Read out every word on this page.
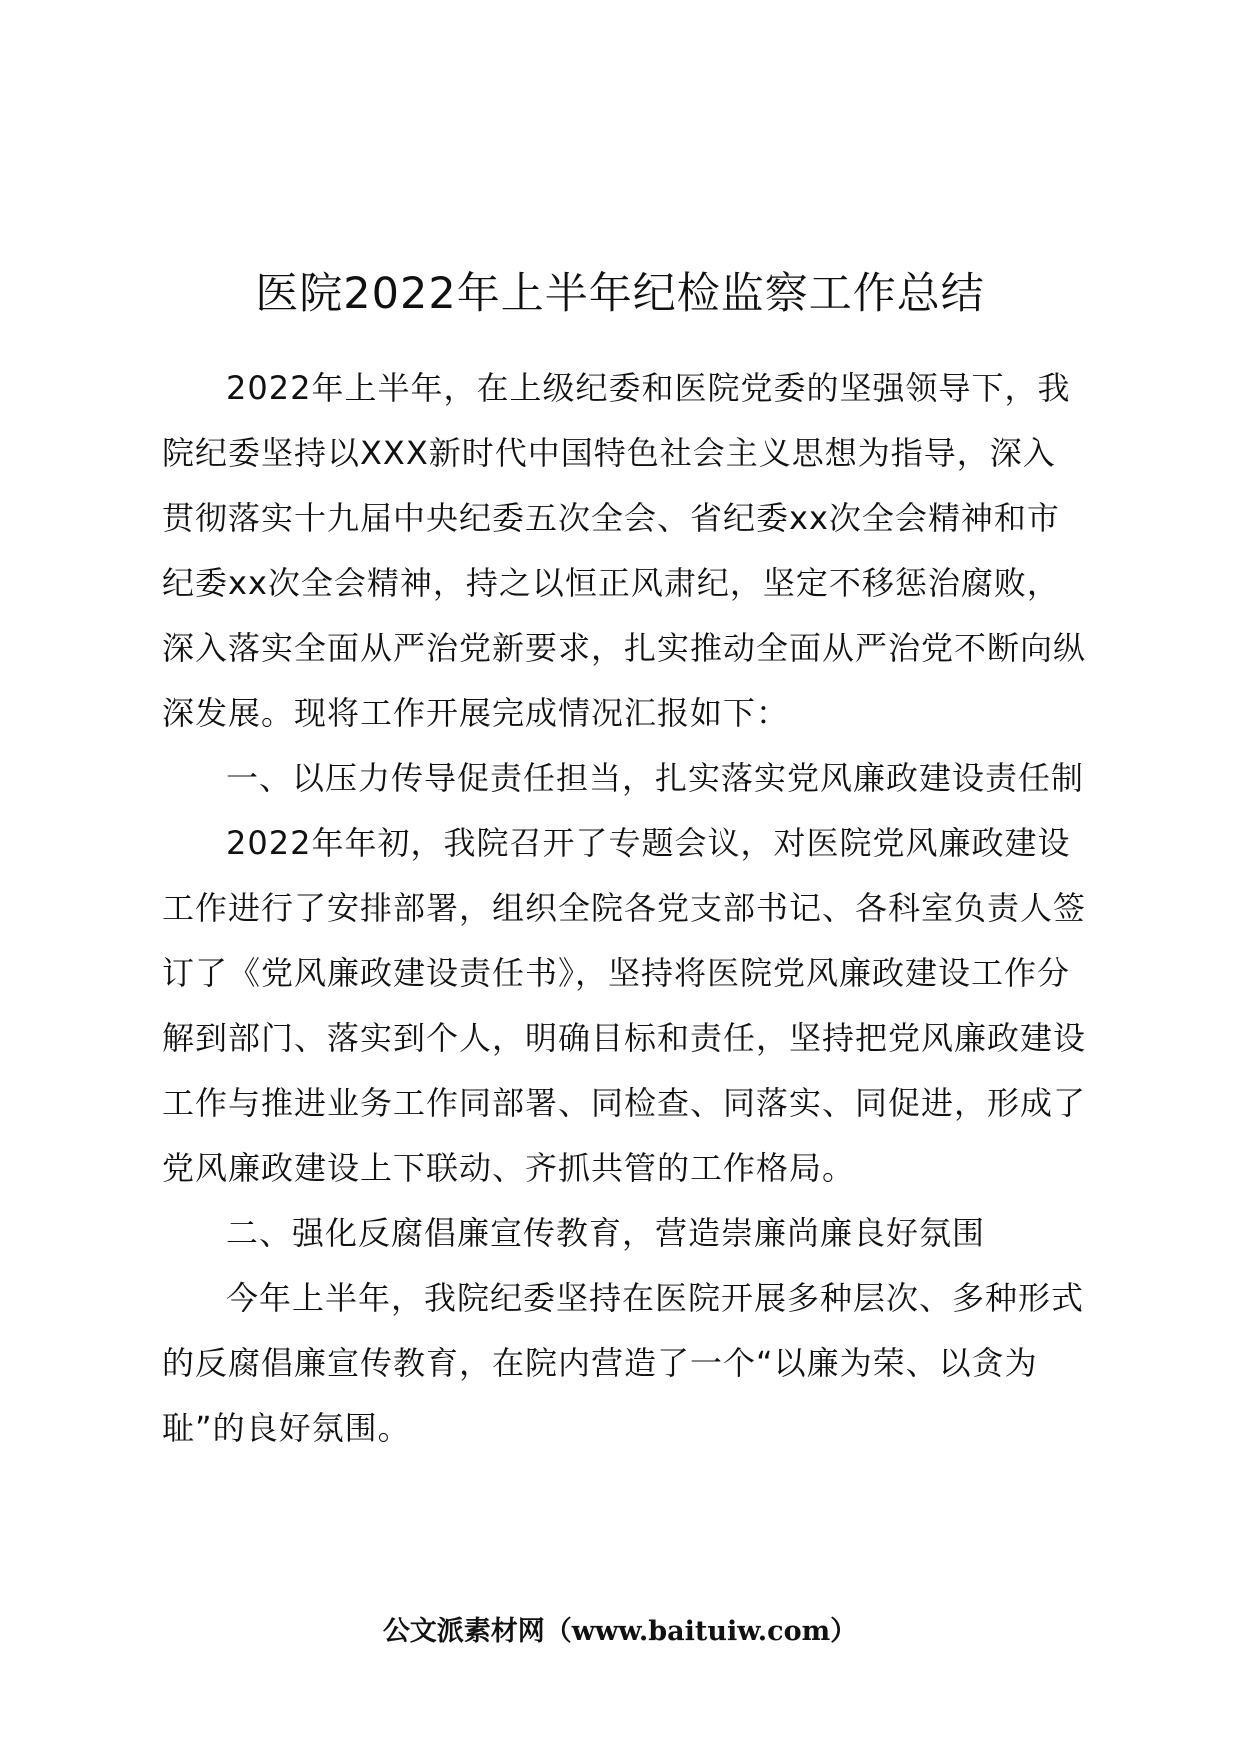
医院2022年上半年纪检监察工作总结

2022年上半年，在上级纪委和医院党委的坚强领导下，我院纪委坚持以XXX新时代中国特色社会主义思想为指导，深入贯彻落实十九届中央纪委五次全会、省纪委xx次全会精神和市纪委xx次全会精神，持之以恒正风肃纪，坚定不移惩治腐败，深入落实全面从严治党新要求，扎实推动全面从严治党不断向纵深发展。现将工作开展完成情况汇报如下：

一、以压力传导促责任担当，扎实落实党风廉政建设责任制

2022年年初，我院召开了专题会议，对医院党风廉政建设工作进行了安排部署，组织全院各党支部书记、各科室负责人签订了《党风廉政建设责任书》，坚持将医院党风廉政建设工作分解到部门、落实到个人，明确目标和责任，坚持把党风廉政建设工作与推进业务工作同部署、同检查、同落实、同促进，形成了党风廉政建设上下联动、齐抓共管的工作格局。

二、强化反腐倡廉宣传教育，营造崇廉尚廉良好氛围

今年上半年，我院纪委坚持在医院开展多种层次、多种形式的反腐倡廉宣传教育，在院内营造了一个“以廉为荣、以贪为耻”的良好氛围。

公文派素材网（www.baituiw.com）
